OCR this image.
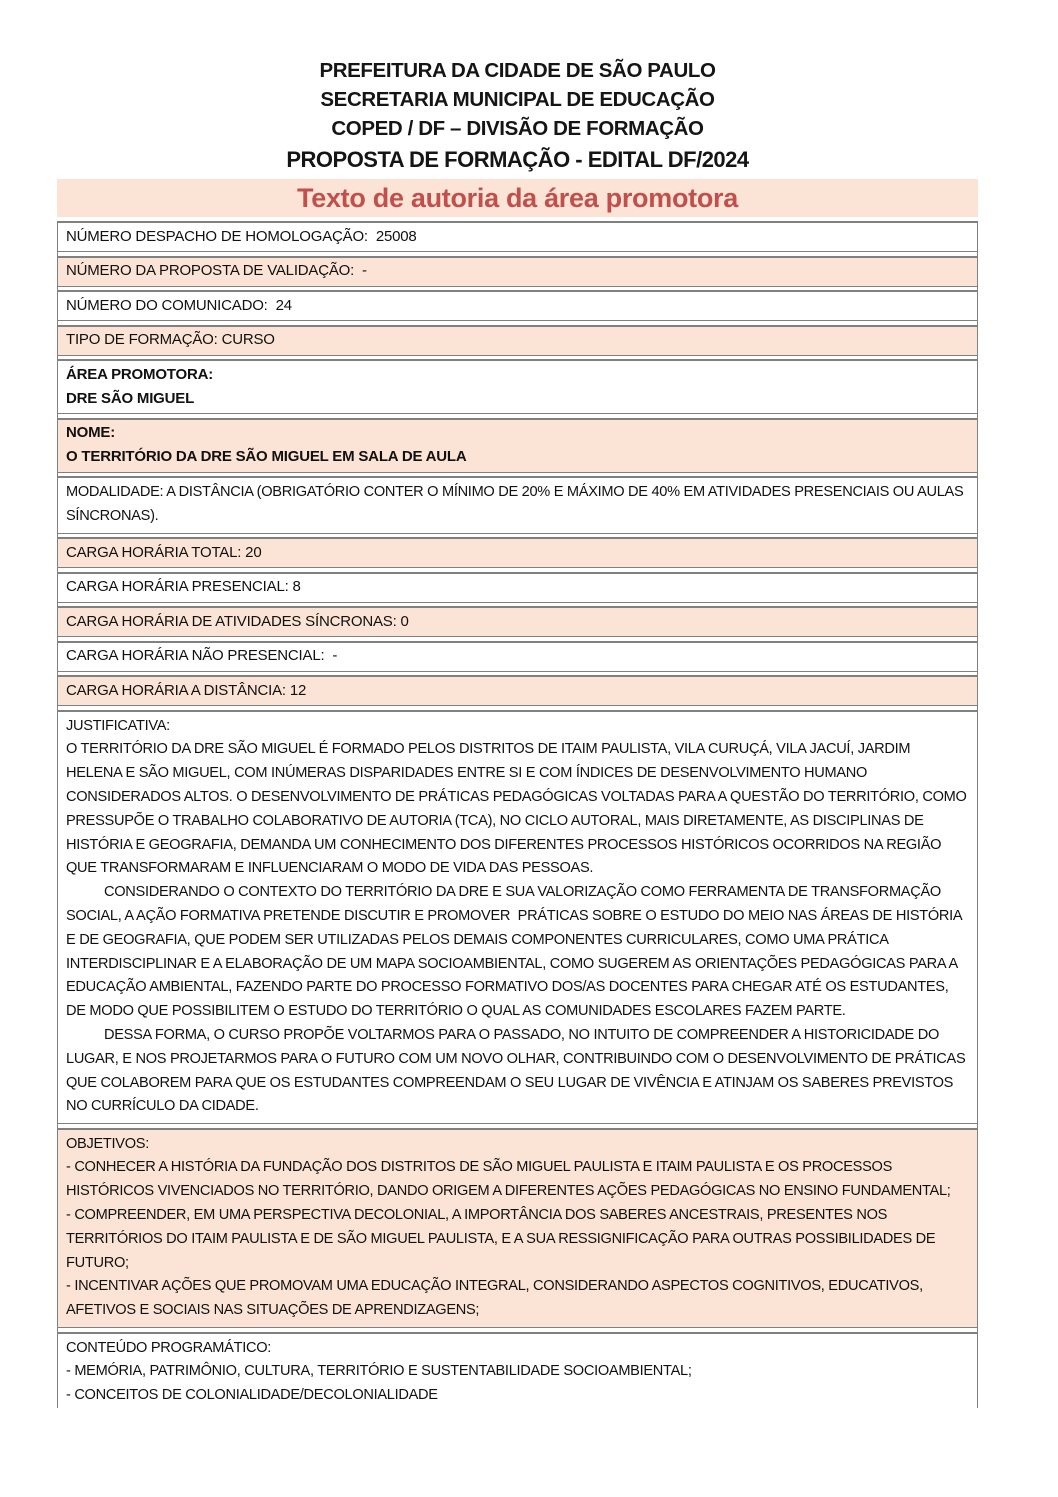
PREFEITURA DA CIDADE DE SÃO PAULO
SECRETARIA MUNICIPAL DE EDUCAÇÃO
COPED / DF – DIVISÃO DE FORMAÇÃO
PROPOSTA DE FORMAÇÃO - EDITAL DF/2024
Texto de autoria da área promotora

NÚMERO DESPACHO DE HOMOLOGAÇÃO:  25008

NÚMERO DA PROPOSTA DE VALIDAÇÃO:  -

NÚMERO DO COMUNICADO:  24

TIPO DE FORMAÇÃO: CURSO

ÁREA PROMOTORA:

DRE SÃO MIGUEL

NOME:

O TERRITÓRIO DA DRE SÃO MIGUEL EM SALA DE AULA

MODALIDADE: A DISTÂNCIA (OBRIGATÓRIO CONTER O MÍNIMO DE 20% E MÁXIMO DE 40% EM ATIVIDADES PRESENCIAIS OU AULAS SÍNCRONAS).

CARGA HORÁRIA TOTAL: 20

CARGA HORÁRIA PRESENCIAL: 8

CARGA HORÁRIA DE ATIVIDADES SÍNCRONAS: 0

CARGA HORÁRIA NÃO PRESENCIAL:  -

CARGA HORÁRIA A DISTÂNCIA: 12

JUSTIFICATIVA:

O TERRITÓRIO DA DRE SÃO MIGUEL É FORMADO PELOS DISTRITOS DE ITAIM PAULISTA, VILA CURUÇÁ, VILA JACUÍ, JARDIM HELENA E SÃO MIGUEL, COM INÚMERAS DISPARIDADES ENTRE SI E COM ÍNDICES DE DESENVOLVIMENTO HUMANO CONSIDERADOS ALTOS. O DESENVOLVIMENTO DE PRÁTICAS PEDAGÓGICAS VOLTADAS PARA A QUESTÃO DO TERRITÓRIO, COMO PRESSUPÕE O TRABALHO COLABORATIVO DE AUTORIA (TCA), NO CICLO AUTORAL, MAIS DIRETAMENTE, AS DISCIPLINAS DE HISTÓRIA E GEOGRAFIA, DEMANDA UM CONHECIMENTO DOS DIFERENTES PROCESSOS HISTÓRICOS OCORRIDOS NA REGIÃO QUE TRANSFORMARAM E INFLUENCIARAM O MODO DE VIDA DAS PESSOAS.

CONSIDERANDO O CONTEXTO DO TERRITÓRIO DA DRE E SUA VALORIZAÇÃO COMO FERRAMENTA DE TRANSFORMAÇÃO SOCIAL, A AÇÃO FORMATIVA PRETENDE DISCUTIR E PROMOVER  PRÁTICAS SOBRE O ESTUDO DO MEIO NAS ÁREAS DE HISTÓRIA E DE GEOGRAFIA, QUE PODEM SER UTILIZADAS PELOS DEMAIS COMPONENTES CURRICULARES, COMO UMA PRÁTICA INTERDISCIPLINAR E A ELABORAÇÃO DE UM MAPA SOCIOAMBIENTAL, COMO SUGEREM AS ORIENTAÇÕES PEDAGÓGICAS PARA A EDUCAÇÃO AMBIENTAL, FAZENDO PARTE DO PROCESSO FORMATIVO DOS/AS DOCENTES PARA CHEGAR ATÉ OS ESTUDANTES, DE MODO QUE POSSIBILITEM O ESTUDO DO TERRITÓRIO O QUAL AS COMUNIDADES ESCOLARES FAZEM PARTE.

DESSA FORMA, O CURSO PROPÕE VOLTARMOS PARA O PASSADO, NO INTUITO DE COMPREENDER A HISTORICIDADE DO LUGAR, E NOS PROJETARMOS PARA O FUTURO COM UM NOVO OLHAR, CONTRIBUINDO COM O DESENVOLVIMENTO DE PRÁTICAS QUE COLABOREM PARA QUE OS ESTUDANTES COMPREENDAM O SEU LUGAR DE VIVÊNCIA E ATINJAM OS SABERES PREVISTOS NO CURRÍCULO DA CIDADE.

OBJETIVOS:

- CONHECER A HISTÓRIA DA FUNDAÇÃO DOS DISTRITOS DE SÃO MIGUEL PAULISTA E ITAIM PAULISTA E OS PROCESSOS HISTÓRICOS VIVENCIADOS NO TERRITÓRIO, DANDO ORIGEM A DIFERENTES AÇÕES PEDAGÓGICAS NO ENSINO FUNDAMENTAL;

- COMPREENDER, EM UMA PERSPECTIVA DECOLONIAL, A IMPORTÂNCIA DOS SABERES ANCESTRAIS, PRESENTES NOS TERRITÓRIOS DO ITAIM PAULISTA E DE SÃO MIGUEL PAULISTA, E A SUA RESSIGNIFICAÇÃO PARA OUTRAS POSSIBILIDADES DE FUTURO;

- INCENTIVAR AÇÕES QUE PROMOVAM UMA EDUCAÇÃO INTEGRAL, CONSIDERANDO ASPECTOS COGNITIVOS, EDUCATIVOS, AFETIVOS E SOCIAIS NAS SITUAÇÕES DE APRENDIZAGENS;

CONTEÚDO PROGRAMÁTICO:

- MEMÓRIA, PATRIMÔNIO, CULTURA, TERRITÓRIO E SUSTENTABILIDADE SOCIOAMBIENTAL;

- CONCEITOS DE COLONIALIDADE/DECOLONIALIDADE
